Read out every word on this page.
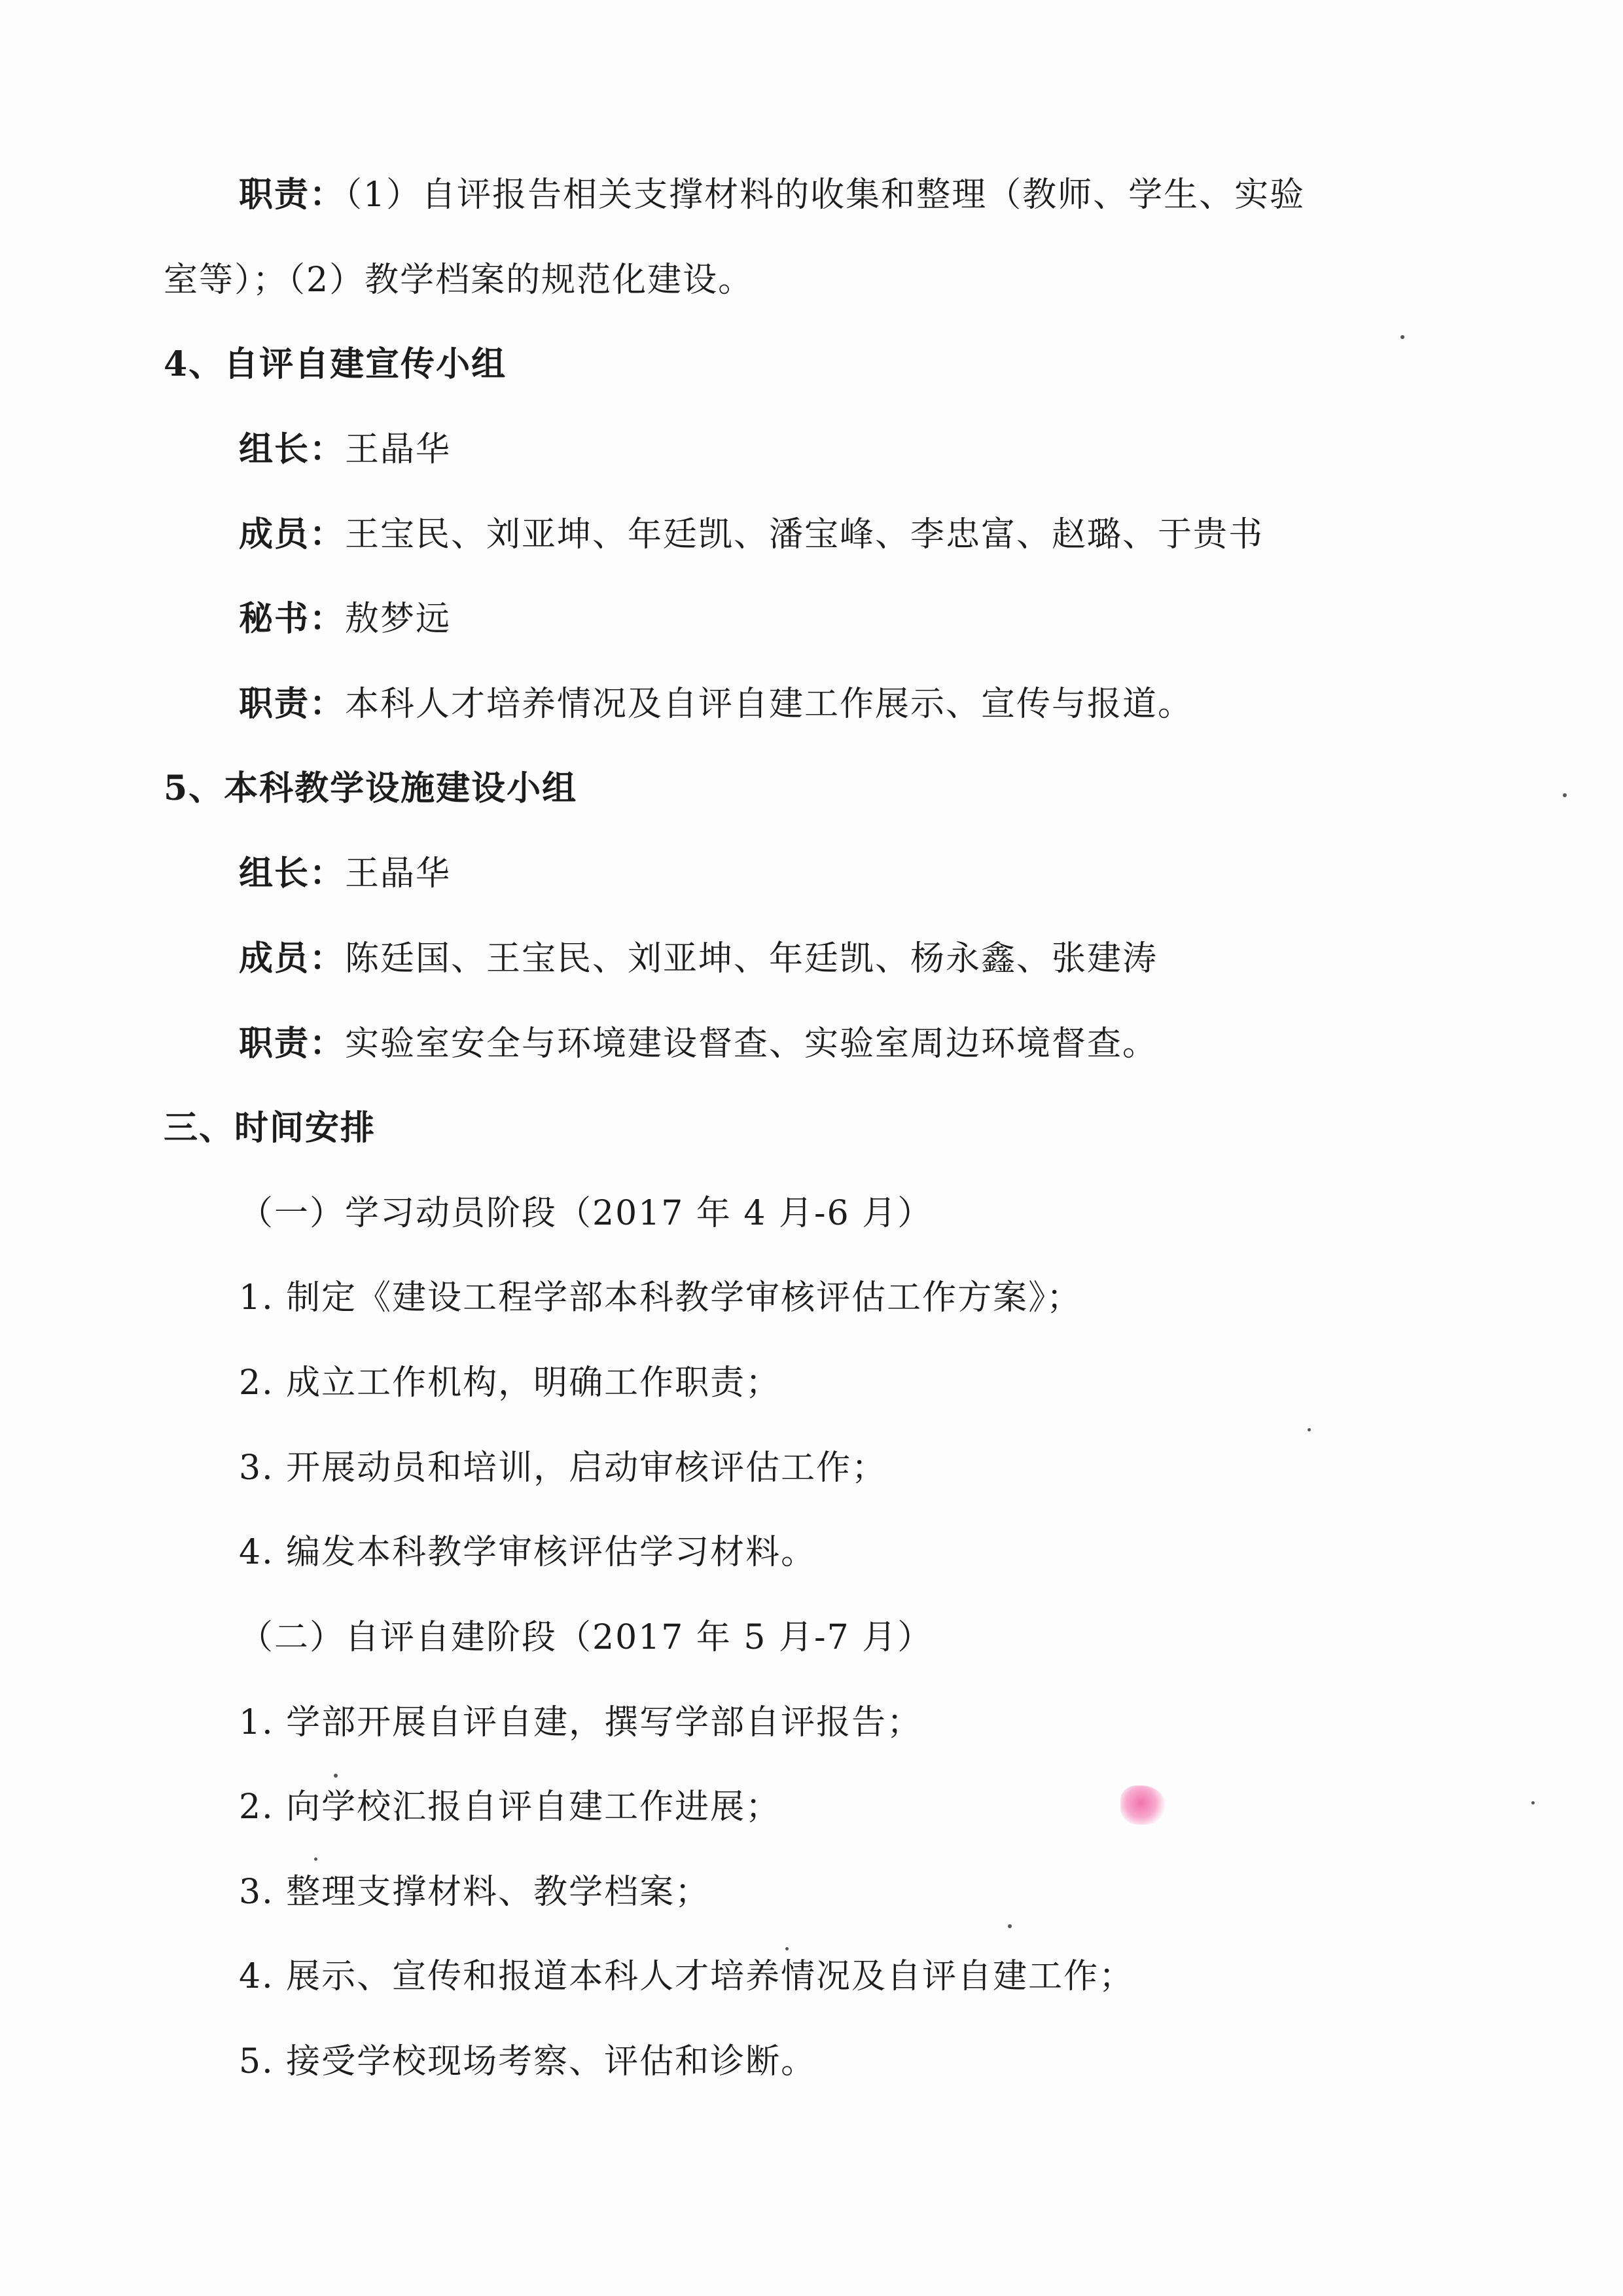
职责：（1）自评报告相关支撑材料的收集和整理（教师、学生、实验
室等）；（2）教学档案的规范化建设。
4、自评自建宣传小组
组长：王晶华
成员：王宝民、刘亚坤、年廷凯、潘宝峰、李忠富、赵璐、于贵书
秘书：敖梦远
职责：本科人才培养情况及自评自建工作展示、宣传与报道。
5、本科教学设施建设小组
组长：王晶华
成员：陈廷国、王宝民、刘亚坤、年廷凯、杨永鑫、张建涛
职责：实验室安全与环境建设督查、实验室周边环境督查。
三、时间安排
（一）学习动员阶段（2017 年 4 月-6 月）
1. 制定《建设工程学部本科教学审核评估工作方案》；
2. 成立工作机构，明确工作职责；
3. 开展动员和培训，启动审核评估工作；
4. 编发本科教学审核评估学习材料。
（二）自评自建阶段（2017 年 5 月-7 月）
1. 学部开展自评自建，撰写学部自评报告；
2. 向学校汇报自评自建工作进展；
3. 整理支撑材料、教学档案；
4. 展示、宣传和报道本科人才培养情况及自评自建工作；
5. 接受学校现场考察、评估和诊断。
